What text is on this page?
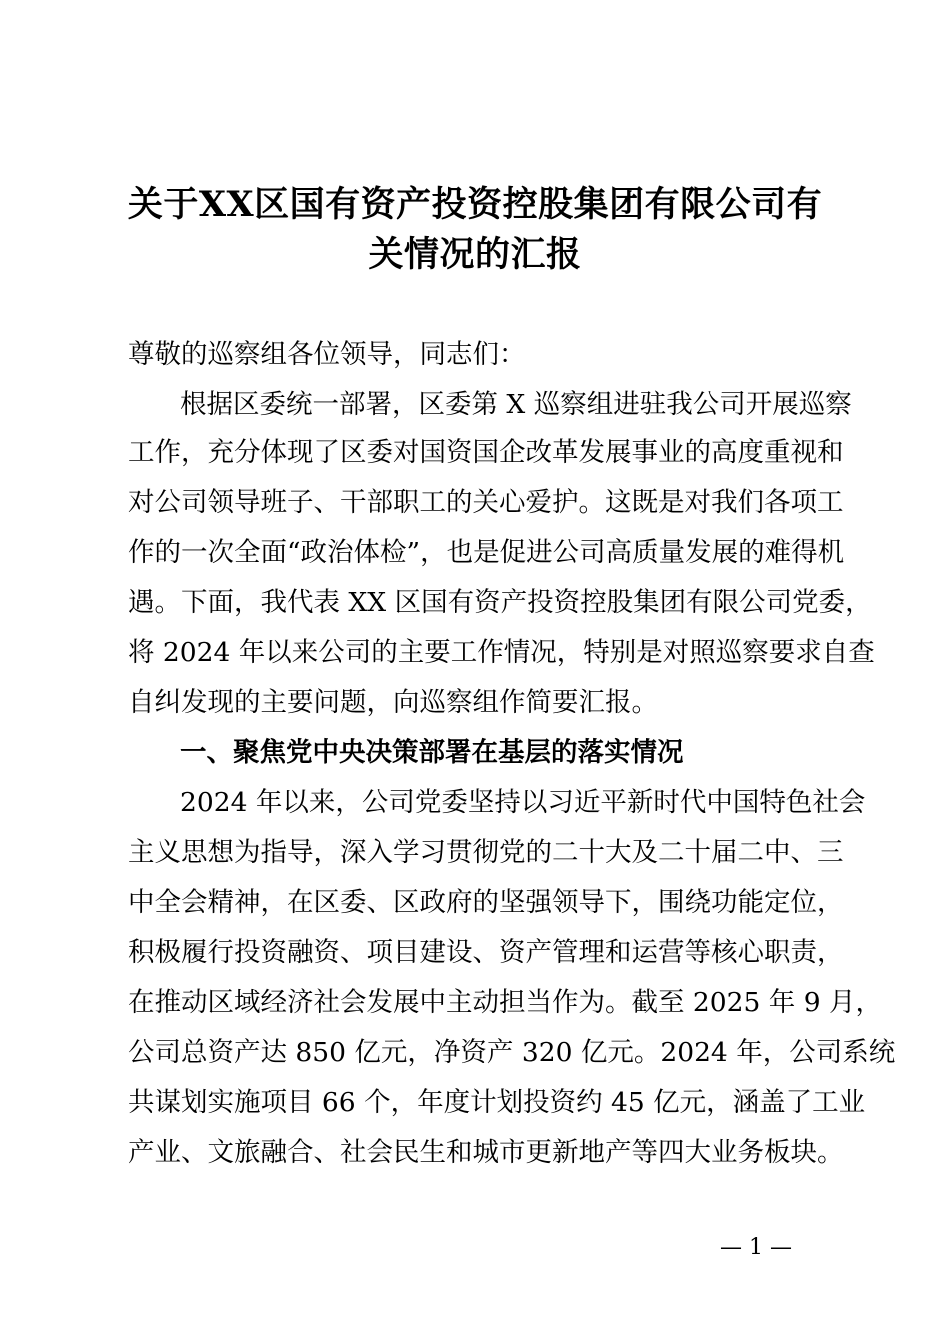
关于XX区国有资产投资控股集团有限公司有
关情况的汇报
尊敬的巡察组各位领导，同志们：
根据区委统一部署，区委第 X 巡察组进驻我公司开展巡察
工作，充分体现了区委对国资国企改革发展事业的高度重视和
对公司领导班子、干部职工的关心爱护。这既是对我们各项工
作的一次全面“政治体检”，也是促进公司高质量发展的难得机
遇。下面，我代表 XX 区国有资产投资控股集团有限公司党委，
将 2024 年以来公司的主要工作情况，特别是对照巡察要求自查
自纠发现的主要问题，向巡察组作简要汇报。
一、聚焦党中央决策部署在基层的落实情况
2024 年以来，公司党委坚持以习近平新时代中国特色社会
主义思想为指导，深入学习贯彻党的二十大及二十届二中、三
中全会精神，在区委、区政府的坚强领导下，围绕功能定位，
积极履行投资融资、项目建设、资产管理和运营等核心职责，
在推动区域经济社会发展中主动担当作为。截至 2025 年 9 月，
公司总资产达 850 亿元，净资产 320 亿元。2024 年，公司系统
共谋划实施项目 66 个，年度计划投资约 45 亿元，涵盖了工业
产业、文旅融合、社会民生和城市更新地产等四大业务板块。
— 1 —
